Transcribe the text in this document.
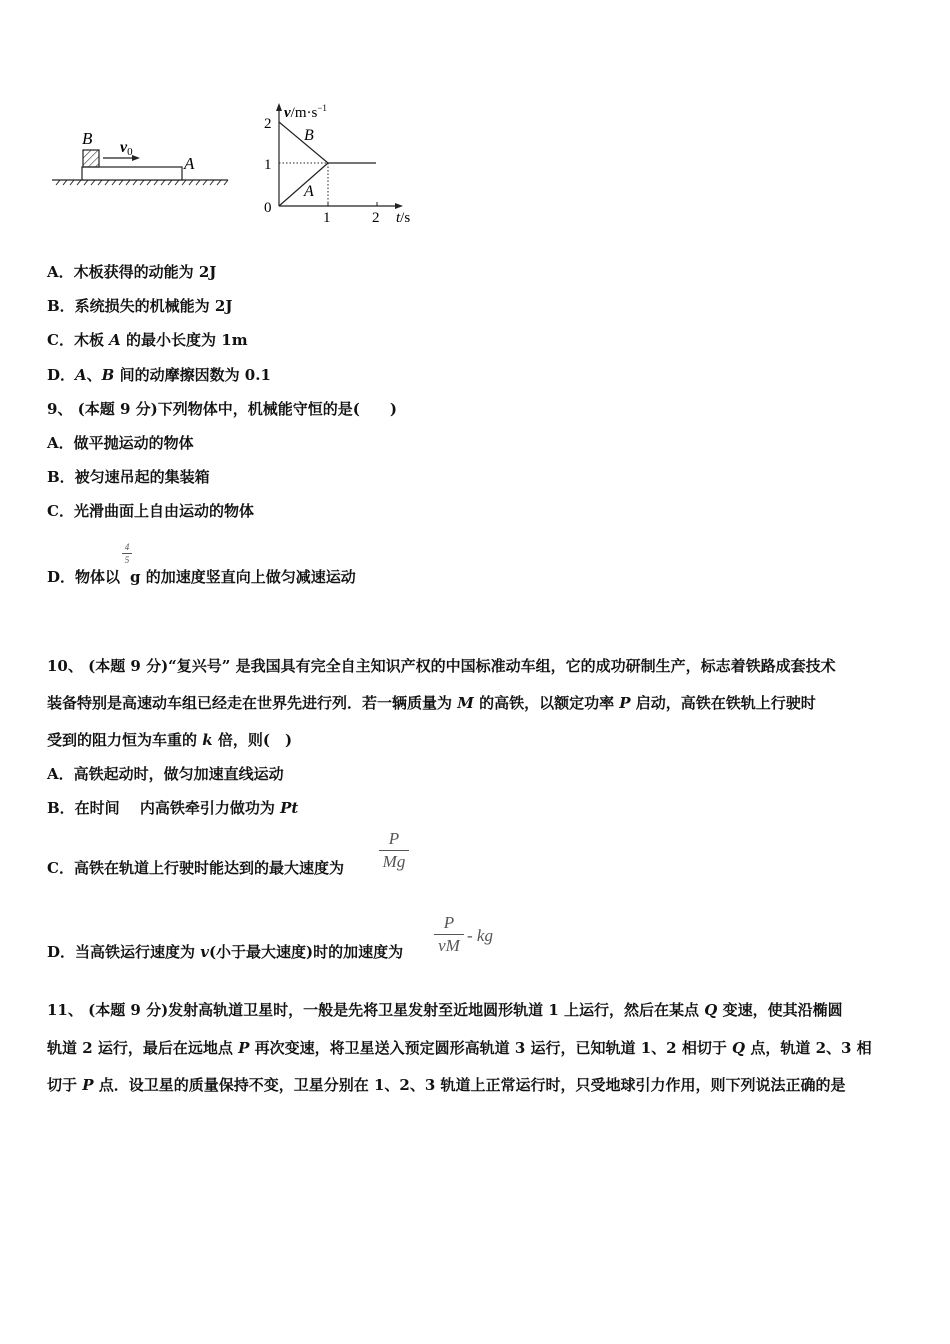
B v0
A
$v/m\cdot s^{-1}$
t/s
2
1
0
1	2
B
A
A．木板获得的动能为 2J
B．系统损失的机械能为 2J
C．木板 A 的最小长度为 1m
D．A、B 间的动摩擦因数为 0.1
9、 (本题 9 分)下列物体中，机械能守恒的是(　　)
A．做平抛运动的物体
B．被匀速吊起的集装箱
C．光滑曲面上自由运动的物体
D．物体以 g 的加速度竖直向上做匀减速运动
4
5
10、 (本题 9 分)“复兴号” 是我国具有完全自主知识产权的中国标准动车组，它的成功研制生产，标志着铁路成套技术
装备特别是高速动车组已经走在世界先进行列．若一辆质量为 M 的高铁，以额定功率 P 启动，高铁在铁轨上行驶时
受到的阻力恒为车重的 k 倍，则(　)
A．高铁起动时，做匀加速直线运动
B．在时间　 内高铁牵引力做功为 Pt
C．高铁在轨道上行驶时能达到的最大速度为
P
Mg
D．当高铁运行速度为 v(小于最大速度)时的加速度为
P
vM
- kg
11、 (本题 9 分)发射高轨道卫星时，一般是先将卫星发射至近地圆形轨道 1 上运行，然后在某点 Q 变速，使其沿椭圆
轨道 2 运行，最后在远地点 P 再次变速，将卫星送入预定圆形高轨道 3 运行，已知轨道 1、2 相切于 Q 点，轨道 2、3 相
切于 P 点．设卫星的质量保持不变，卫星分别在 1、2、3 轨道上正常运行时，只受地球引力作用，则下列说法正确的是
